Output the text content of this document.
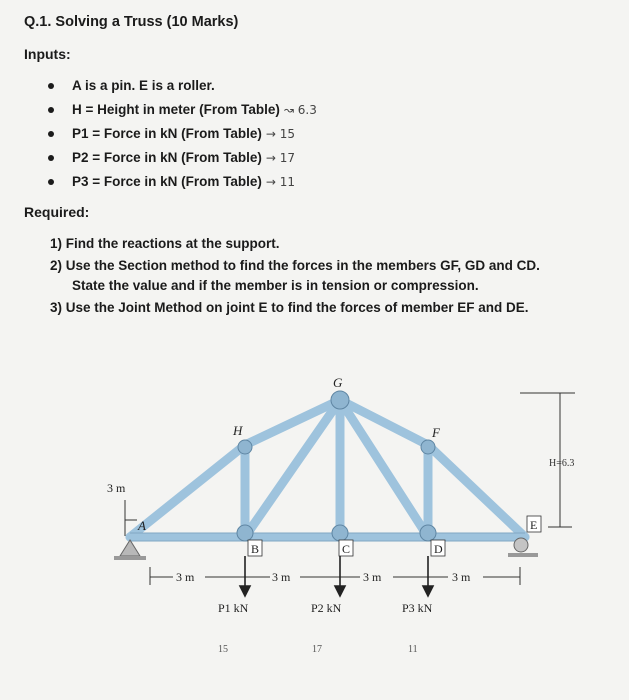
Q.1. Solving a Truss (10 Marks)
Inputs:
A is a pin. E is a roller.
H = Height in meter (From Table) ↝ 6.3
P1 = Force in kN (From Table) → 15
P2 = Force in kN (From Table) → 17
P3 = Force in kN (From Table) → 11
Required:
1) Find the reactions at the support.
2) Use the Section method to find the forces in the members GF, GD and CD.
State the value and if the member is in tension or compression.
3) Use the Joint Method on joint E to find the forces of member EF and DE.
G
H	F
A
B	C	D
E
3 m
H=6.3
3 m	3 m	3 m	3 m
P1 kN	P2 kN	P3 kN
15	17	11
